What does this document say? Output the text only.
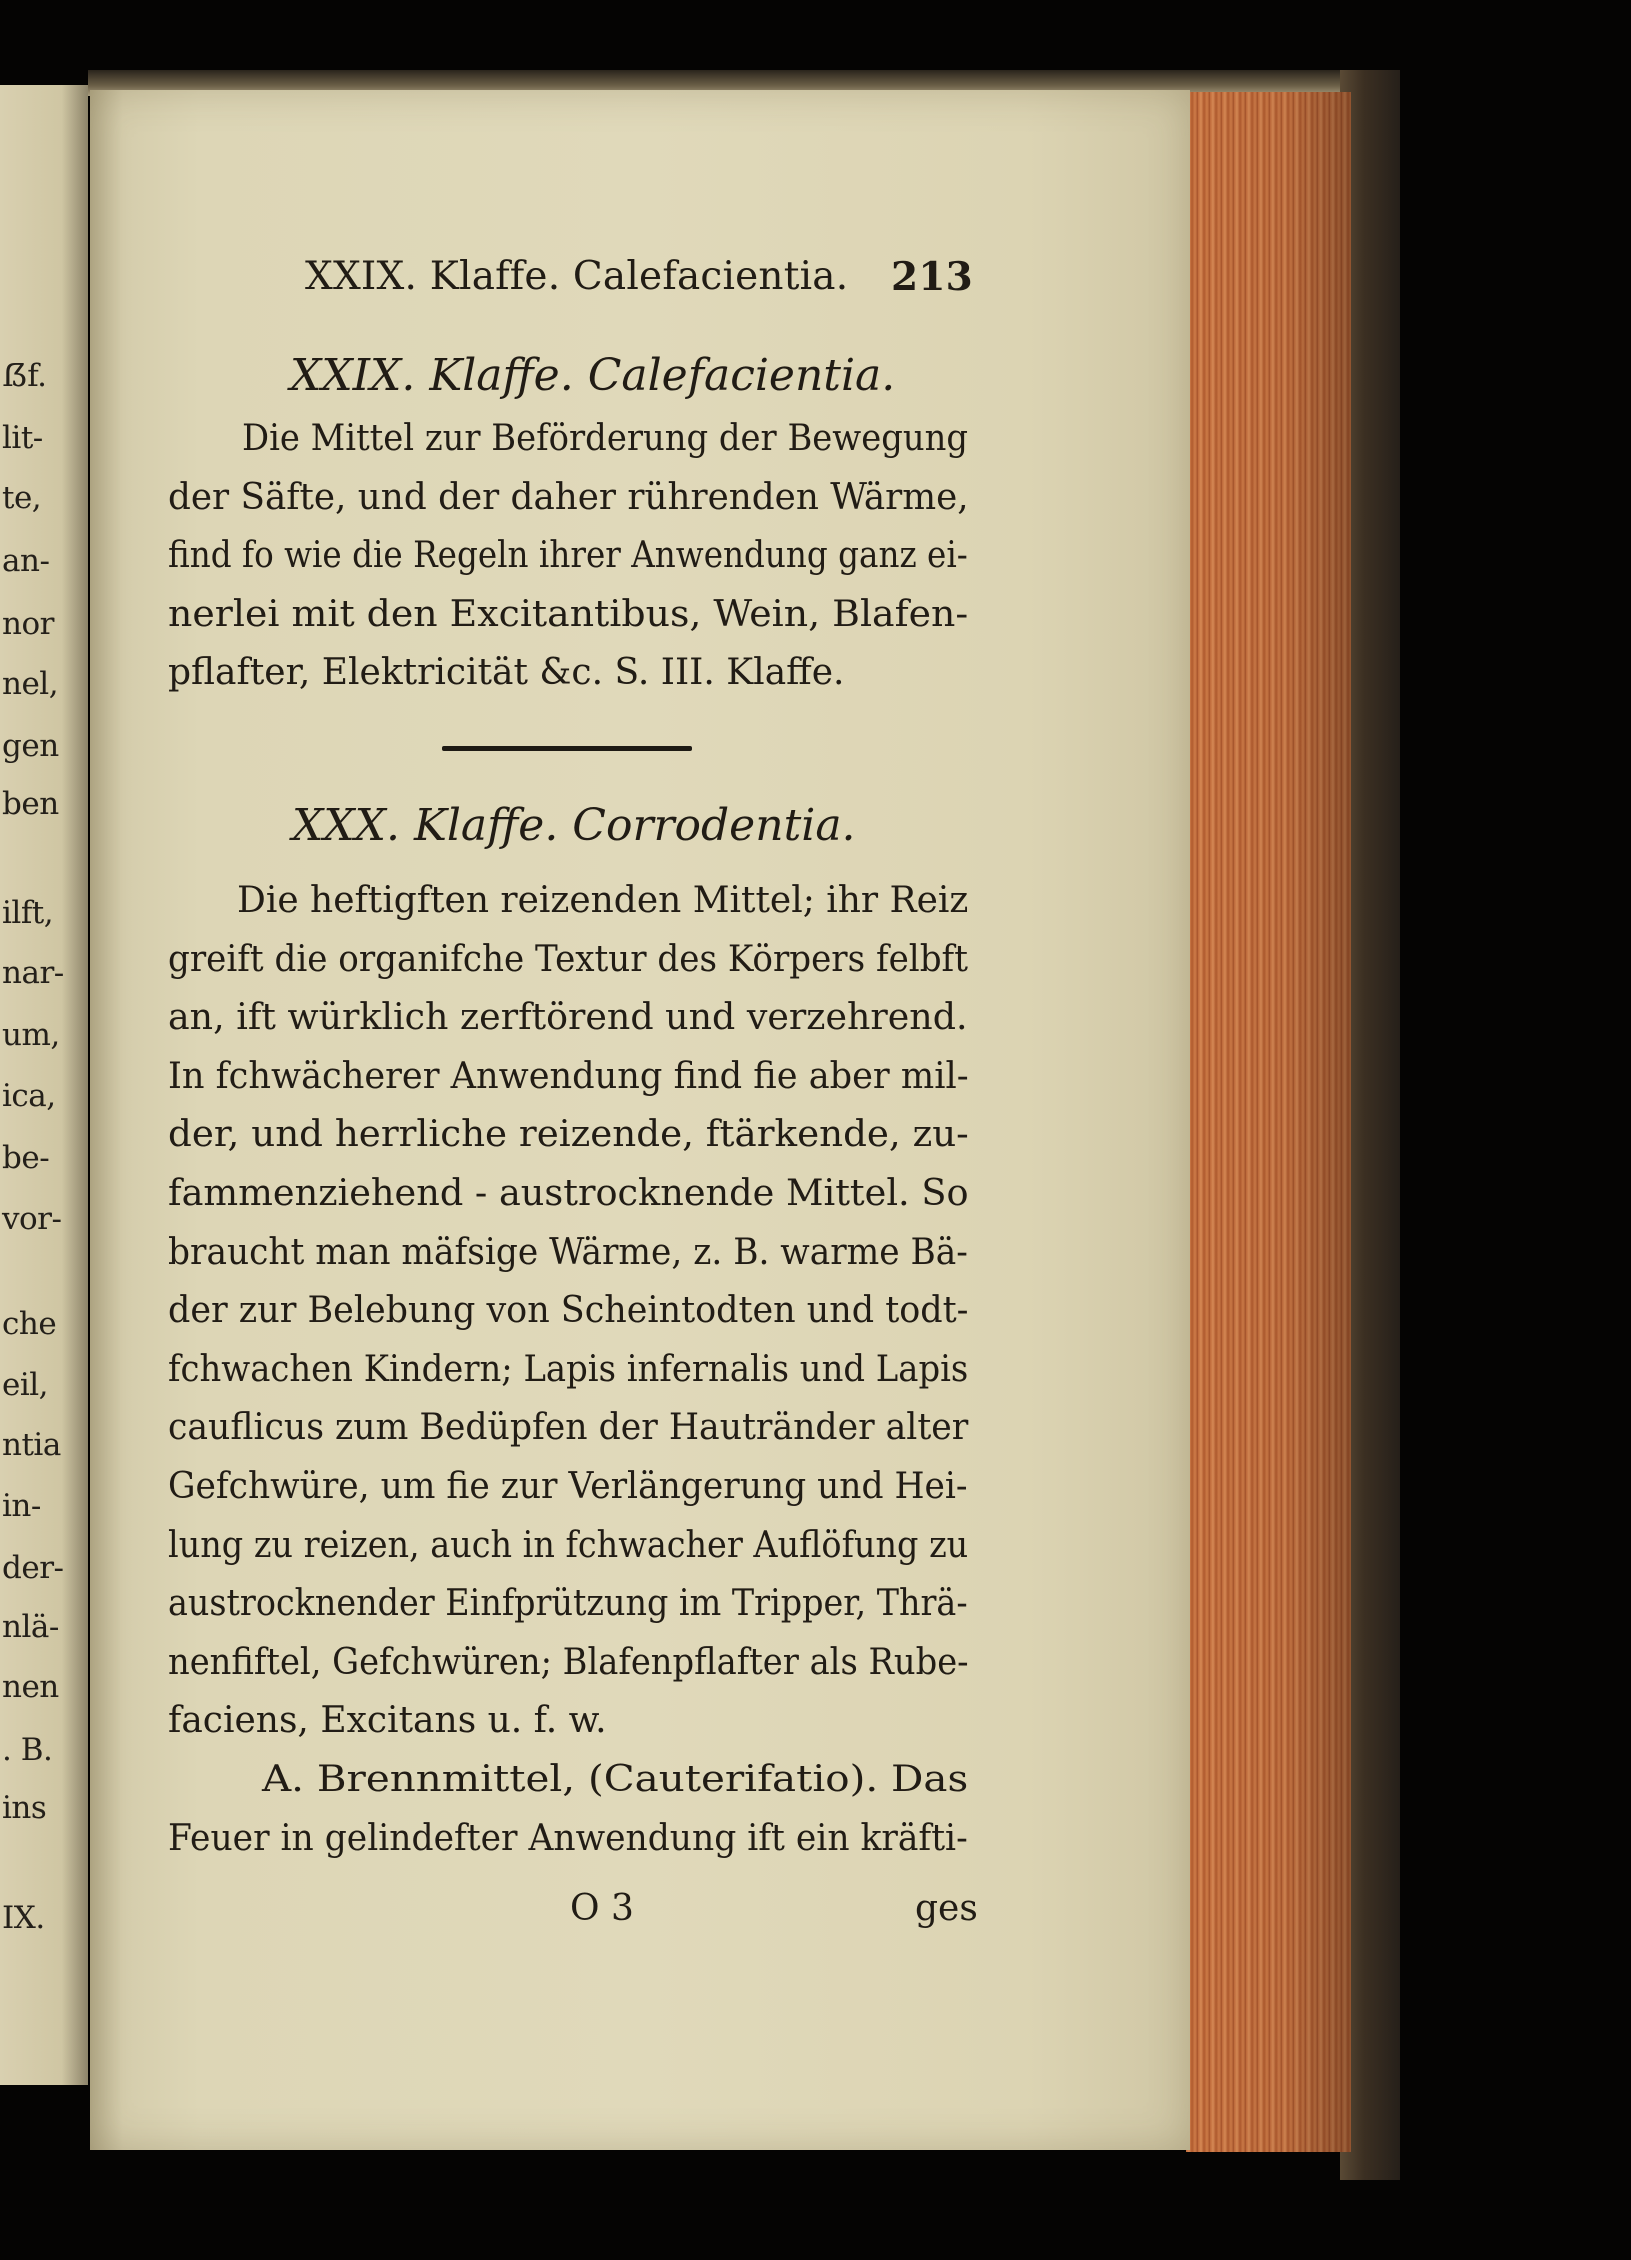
ẞf.
lit-
te,
an-
nor
nel,
gen
ben
ilft,
nar-
um,
ica,
be-
vor-
che
eil,
ntia
in-
der-
nlä-
nen
. B.
ins
IX.
XXIX. Klaffe. Calefacientia. 213
XXIX. Klaffe. Calefacientia.
Die Mittel zur Beförderung der Bewegung
der Säfte, und der daher rührenden Wärme,
find fo wie die Regeln ihrer Anwendung ganz ei-
nerlei mit den Excitantibus, Wein, Blafen-
pflafter, Elektricität &c. S. III. Klaffe.
XXX. Klaffe. Corrodentia.
Die heftigften reizenden Mittel; ihr Reiz
greift die organifche Textur des Körpers felbft
an, ift würklich zerftörend und verzehrend.
In fchwächerer Anwendung find fie aber mil-
der, und herrliche reizende, ftärkende, zu-
fammenziehend - austrocknende Mittel. So
braucht man mäfsige Wärme, z. B. warme Bä-
der zur Belebung von Scheintodten und todt-
fchwachen Kindern; Lapis infernalis und Lapis
cauflicus zum Bedüpfen der Hautränder alter
Gefchwüre, um fie zur Verlängerung und Hei-
lung zu reizen, auch in fchwacher Auflöfung zu
austrocknender Einfprützung im Tripper, Thrä-
nenfiftel, Gefchwüren; Blafenpflafter als Rube-
faciens, Excitans u. f. w.
A. Brennmittel, (Cauterifatio). Das
Feuer in gelindefter Anwendung ift ein kräfti-
O 3	ges
